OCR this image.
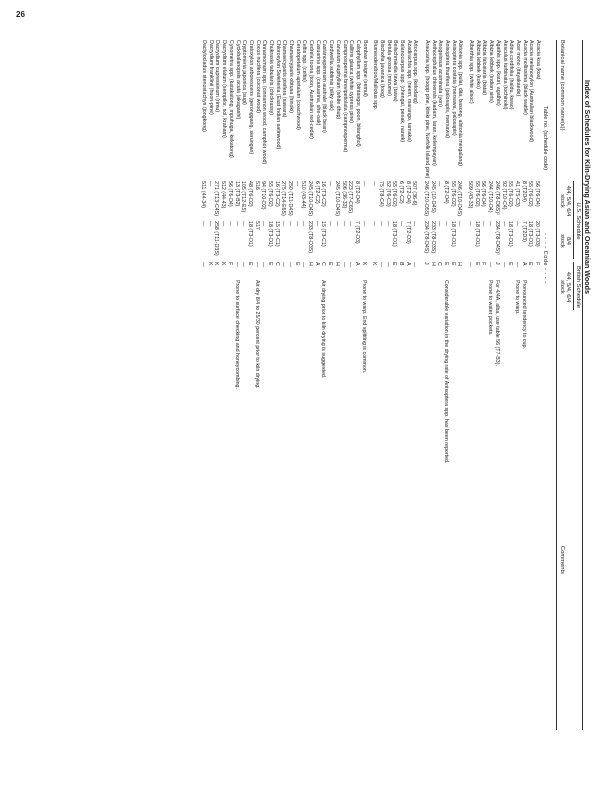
26
Index of Schedules for Kiln-Drying Asian and Oceanian Woods
U.S. Schedule
British Schedule
4/4, 5/4, 6/4
8/4
4/4, 5/4, 6/4
Botanical name (common name(s))
stock
stock
stock
Comments
Table no. (schedule code)
- - - - Code - - - -
Acacia koa (koa)
56 (T6-D4)
20 (T3-D3)
F
Acacia melanoxylon (Australian blackwood)
55 (T6-D2)
18 (T3-D1)
E
Acacia mollissima (black wattle)
8 (T2D4)
7 (T2D3)
A
Pronounced tendency to cup.
Acer mono (itayakaede)
41 (T5-C3)
—
—
Prone to warp.
Adina cordifolia (haldu, kwao)
55 (T6-D2)
18 (T3-D1)
E
Aesculus turbinata (tochinoki)
92 (T10-C4)
—
—
Agathis spp. (kauri, agathis)
246 (T8-D6S)¹
234 (T8-D4S)¹
J
For 4/4A, alba, use table 56 (T7-B3).
Albizia lebbek (indian siris)
244 (T10-D4)
—
—
Prone to water pockets.
Albizia falcataria (batai)
56 (T6-D4)
—
F
Albizia lebbek (koko)
55 (T6-D2)
18 (T3-D1)
E
Alberthia spp. (white alsoc)
509 (43-33)
—
—
Alstonia spp. (pulai, dita, basong, alstonia mergalang)
246 (T10-D4S)
—
H
Anisoptera costata (mersawa, palosapis)
55 (T6-D2)
18 (T3-D1)
E
Anisoptera thurifera (palosapis, mersawa)
8 (T2-D4)
—
E
Considerable variation in the drying rate of Anisoptera spp. has been reported.
Anogeissus acuminata (yon)
—
—
C
Anthocephalus chinensis (kadam, laran, kelempayan)
245 (10-D4S)
233 (T8-D3S)
H
Araucaria spp. (hoopp pine, klinki pine, Norfolk Island pine)
246 (T10-D5S)
234 (T8-D4S)
J
Artocarpus spp. (kelodang)
507 (36-6)
—
—
Azadirachta spp. (neem, marango, tamaka)
8 (T2-D4)
7 (T2-D3)
A
Balanocarpus spp. (chengal, penak, nanek)
6 (T2-C2)
—
B
Beilschmiedia tawa (tawa)
55 (T6-D2)
18 (T3-D1)
E
Betula grossa (mizume)
52 (T6-C3)
—
—
Bischofia javanica (toog)
75 (T8-C4)
—
—
Blumeodendron/Mallotus spp.
—
—
K
Bombax insigne (semul)
—
—
K
Prone to warp. End splitting is common.
Calophyllum spp. (bintangor, poon, bitanghol)
8 (T2-D4)
7 (T2-D3)
A
Callitris glauca (white cypress pine)
223 (T7-C6S)
—
—
Campnosperma brevipetiolata (campnosperma)
506 (36-33)
—
—
Canarium euphyllum (white dhup)
245 (T10-D4S)
—
H
Cardwellia sublimis (silky oak)
—
—
E
Castanospermum australe (black bean)
16 (T3-C2)
15 (T3-C1)
C
Air drying prior to kiln drying is suggested.
Casuarina spp. (casuarina, she-oak)
6 (T2-C2)
—
A
Cedrela toona (toon, Australian red-cedar)
245 (T10-D4S)
233 (T8-D3S)
H
Celtis spp. (celtis)
510 (43-44)
—
—
Ceratopetalum apetalum (coachwood)
—
—
E
Chamaecyparis obtusa (hinoki)
250 (T11-D4S)
—
—
Chamaecyparis pisifera (sawara)
275 (T14-E6S)
—
—
Chloroxylon Swietenia (East Indian satinwood)
16 (T3-C2)
15 (T3-C1)
C
Chukrasia tabularis (chickrassy)
55 (T6-D2)
18 (T3-D1)
E
Cinnamomum spp. (cinnamon wood, camphor wood)
94 (T10-D2)
—
—
Cocos nucifera (coconut wood)
516
517
—
Air dry 8/4 to 25/30 percent prior to kiln drying.
Cratoxylon arborescens (geronggang, serungan)
48 (T6-D2)
18 (T3-D1)
E
Cryptomeria japonica (sugi)
105 (T12-E5)
—
—
Cyclobalanopsis acuta (akagashi)
13 (T3-B2)
—
—
Prone to surface checking and honeycombing.
Cynometra spp. (katakatong, mpuhuga, kekatong)
56 (T6-D4)
—
F
Dacrydium elatum (sempilor, sol, kraham)
512 (44-43)
—
K
Dacrydium cupressinum (rimu)
271 (T13-C4S)
258 (T11-D3S)
K
Dacrydium franklinii (huon-pine)
—
—
K
Dactylocladus stenostachys (jongkong)
511 (44-34)
—
—
